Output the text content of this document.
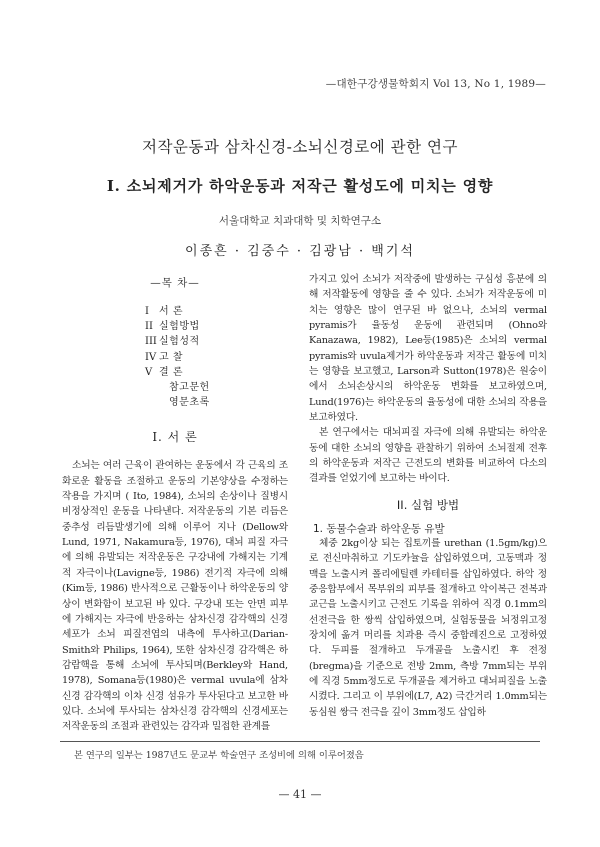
—대한구강생물학회지 Vol 13, No 1, 1989—
저작운동과 삼차신경-소뇌신경로에 관한 연구
I. 소뇌제거가 하악운동과 저작근 활성도에 미치는 영향
서울대학교 치과대학 및 치학연구소
이종흔 · 김중수 · 김광남 · 백기석
—목 차—
I	서 론
II 실험방법
III 실험성적
IV 고 찰
V 결 론
참고문헌
영문초록
I. 서 론

소뇌는 여러 근육이 관여하는 운동에서 각 근육의 조화로운 활동을 조절하고 운동의 기본양상을 수정하는 작용을 가지며 ( Ito, 1984), 소뇌의 손상이나 질병시 비정상적인 운동을 나타낸다. 저작운동의 기본 리듬은 중추성 리듬발생기에 의해 이루어 지나 (Dellow와 Lund, 1971, Nakamura등, 1976), 대뇌 피질 자극에 의해 유발되는 저작운동은 구강내에 가해지는 기계적 자극이나(Lavigne등, 1986) 전기적 자극에 의해(Kim등, 1986) 반사적으로 근활동이나 하악운동의 양상이 변화함이 보고된 바 있다. 구강내 또는 안면 피부에 가해지는 자극에 반응하는 삼차신경 감각핵의 신경세포가 소뇌 피질전엽의 내측에 투사하고(Darian-Smith와 Philips, 1964), 또한 삼차신경 감각핵은 하감람핵을 통해 소뇌에 투사되며(Berkley와 Hand, 1978), Somana등(1980)은 vermal uvula에 삼차신경 감각핵의 이차 신경 섬유가 투사된다고 보고한 바 있다. 소뇌에 투사되는 삼차신경 감각핵의 신경세포는 저작운동의 조절과 관련있는 감각과 밀접한 관계를

가지고 있어 소뇌가 저작중에 발생하는 구심성 흥분에 의해 저작활동에 영향을 줄 수 있다. 소뇌가 저작운동에 미치는 영향은 많이 연구된 바 없으나, 소뇌의 vermal pyramis가 율동성 운동에 관련되며 (Ohno와 Kanazawa, 1982), Lee등(1985)은 소뇌의 vermal pyramis와 uvula제거가 하악운동과 저작근 활동에 미치는 영향을 보고했고, Larson과 Sutton(1978)은 원숭이에서 소뇌손상시의 하악운동 변화를 보고하였으며, Lund(1976)는 하악운동의 율동성에 대한 소뇌의 작용을 보고하였다.

본 연구에서는 대뇌피질 자극에 의해 유발되는 하악운동에 대한 소뇌의 영향을 관찰하기 위하여 소뇌절제 전후의 하악운동과 저작근 근전도의 변화를 비교하여 다소의 결과를 얻었기에 보고하는 바이다.

II. 실험 방법
1. 동물수술과 하악운동 유발

체중 2kg이상 되는 집토끼를 urethan (1.5gm/kg)으로 전신마취하고 기도카뉼을 삽입하였으며, 고동맥과 정맥을 노출시켜 폴리에틸렌 카테터를 삽입하였다. 하악 정중응합부에서 목부위의 피부를 절개하고 악이복근 전복과 교근을 노출시키고 근전도 기록을 위하여 직경 0.1mm의 선전극을 한 쌍씩 삽입하였으며, 실험동물을 뇌정위고정장치에 옮겨 머리를 치과용 즉시 중합레진으로 고정하였다. 두피를 절개하고 두개골을 노출시킨 후 전정(bregma)을 기준으로 전방 2mm, 측방 7mm되는 부위에 직경 5mm정도로 두개골을 제거하고 대뇌피질을 노출시켰다. 그리고 이 부위에(L7, A2) 극간거리 1.0mm되는 동심원 쌍극 전극을 깊이 3mm정도 삽입하

본 연구의 일부는 1987년도 문교부 학술연구 조성비에 의해 이루어졌음
— 41 —
